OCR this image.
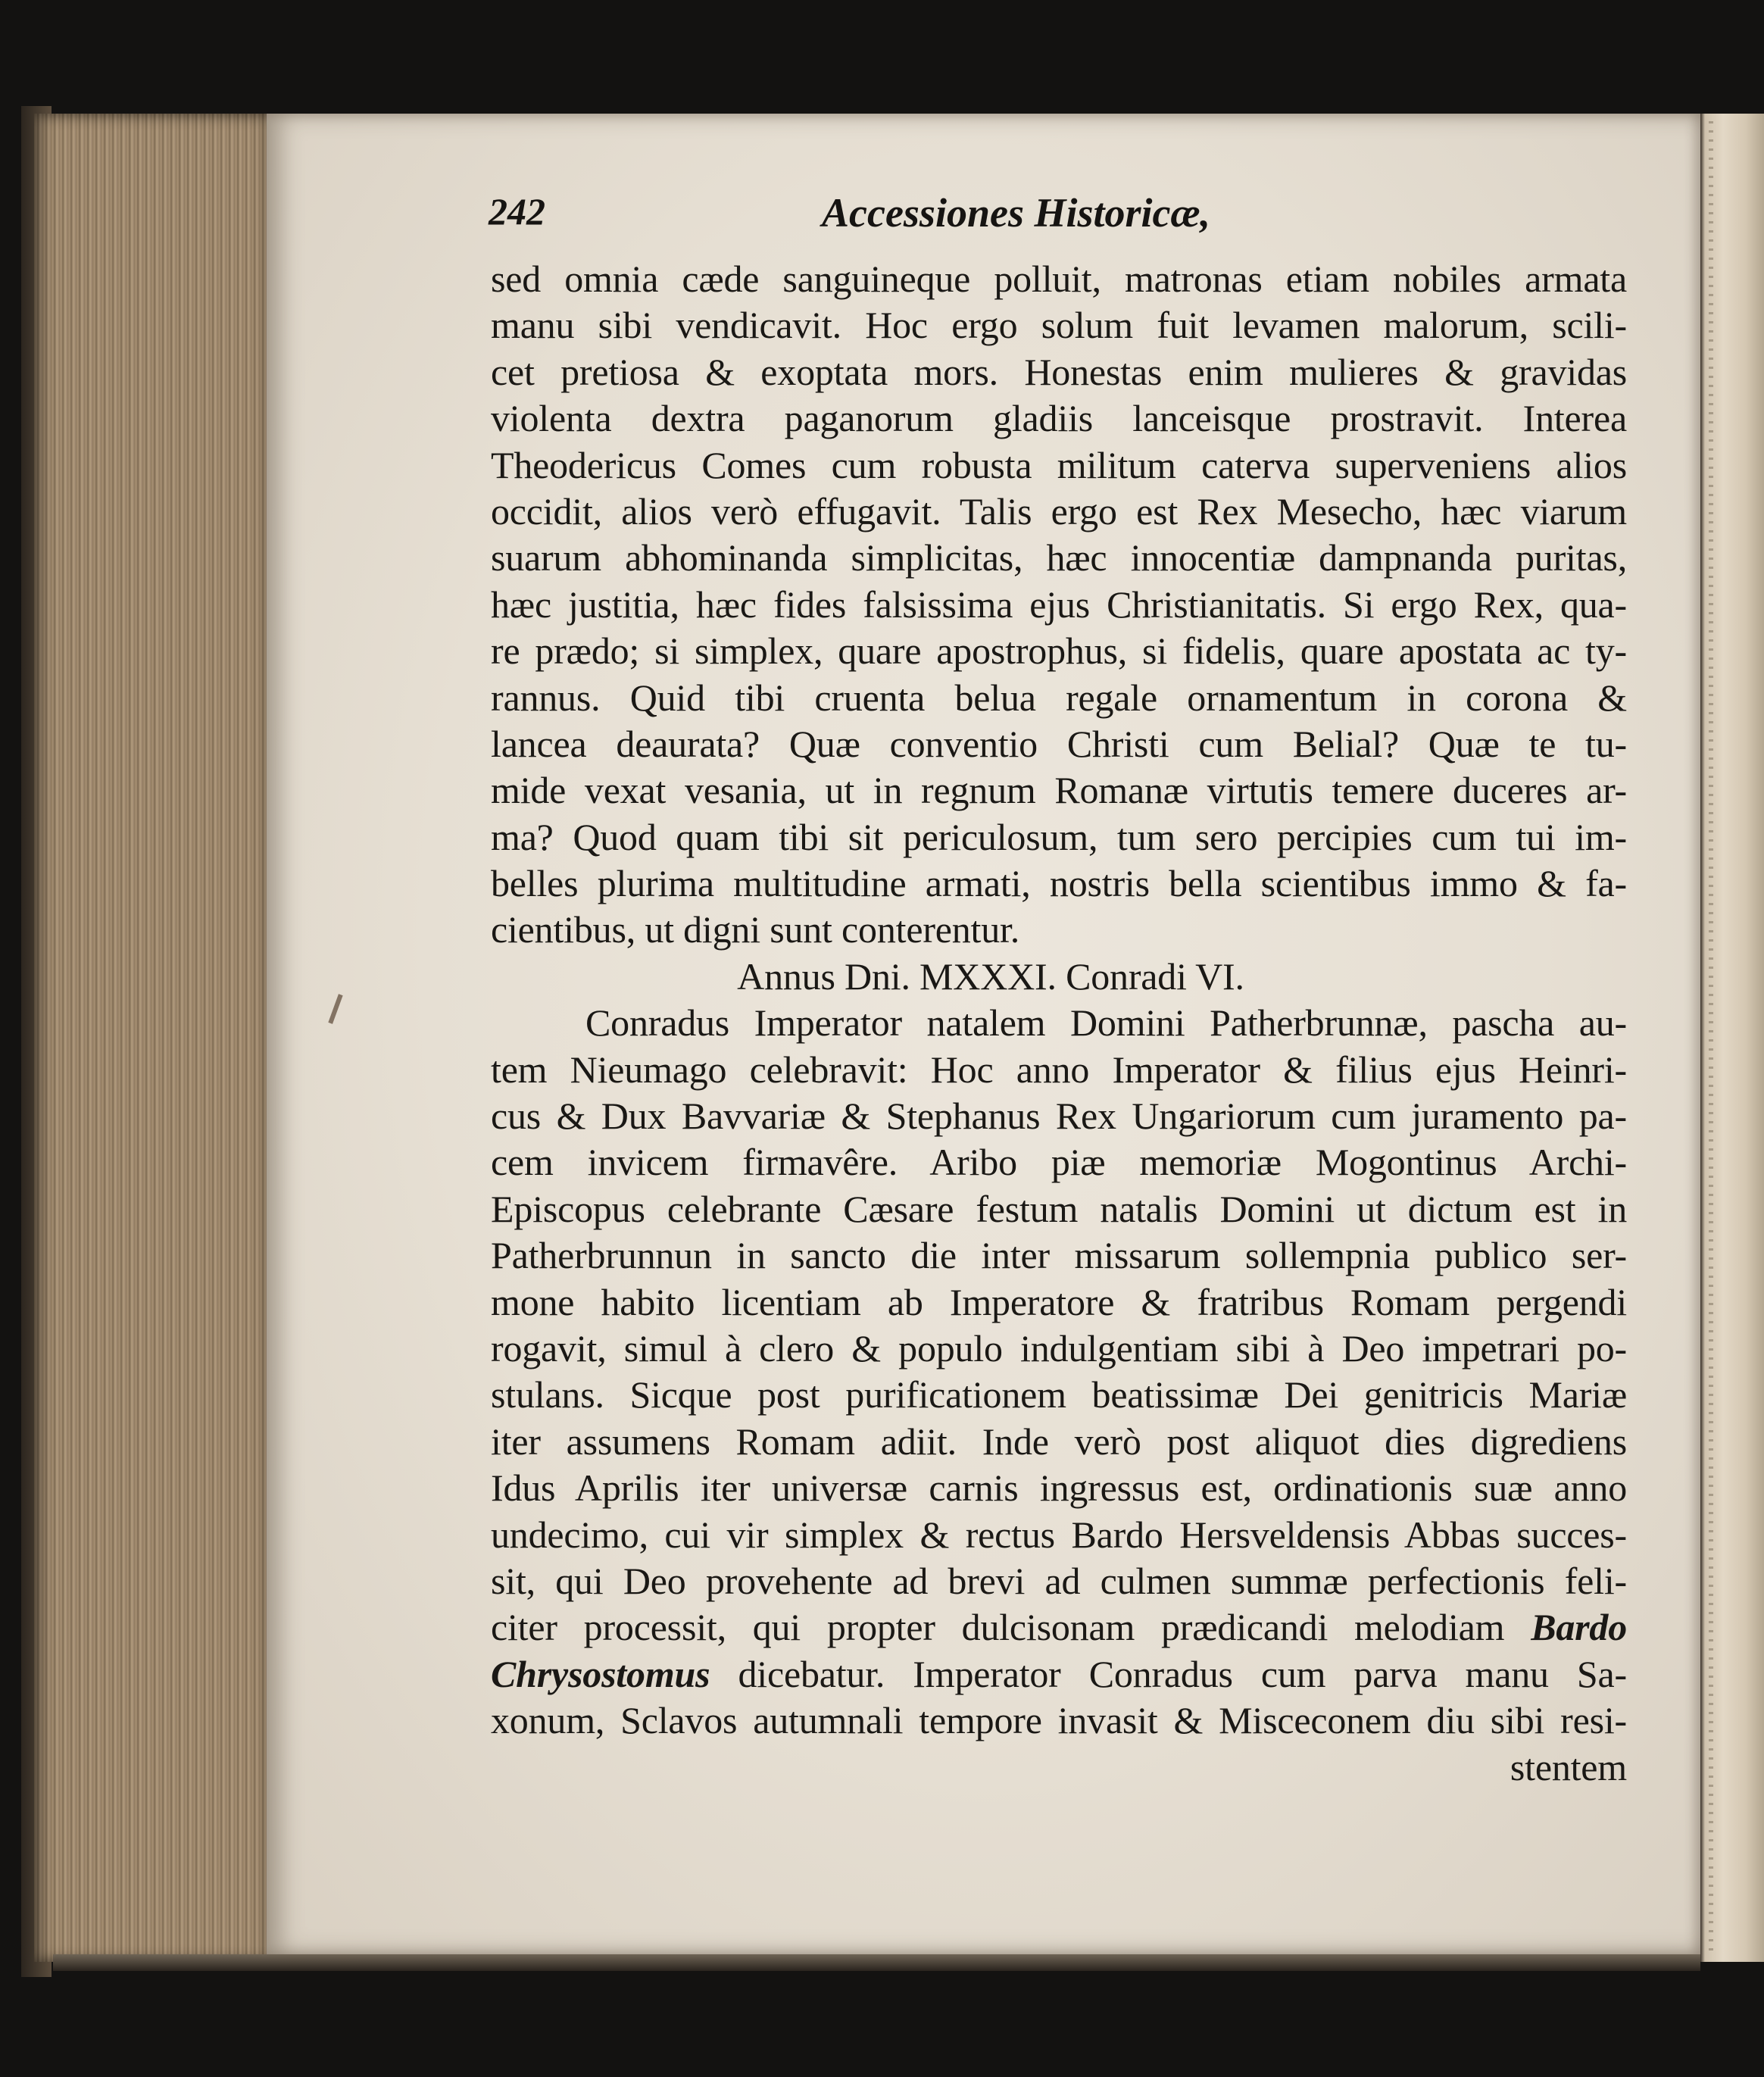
242	Accessiones Historicæ,
sed omnia cæde sanguineque polluit, matronas etiam nobiles armata
manu sibi vendicavit. Hoc ergo solum fuit levamen malorum, scili-
cet pretiosa & exoptata mors. Honestas enim mulieres & gravidas
violenta dextra paganorum gladiis lanceisque prostravit. Interea
Theodericus Comes cum robusta militum caterva superveniens alios
occidit, alios verò effugavit. Talis ergo est Rex Mesecho, hæc viarum
suarum abhominanda simplicitas, hæc innocentiæ dampnanda puritas,
hæc justitia, hæc fides falsissima ejus Christianitatis. Si ergo Rex, qua-
re prædo; si simplex, quare apostrophus, si fidelis, quare apostata ac ty-
rannus. Quid tibi cruenta belua regale ornamentum in corona &
lancea deaurata? Quæ conventio Christi cum Belial? Quæ te tu-
mide vexat vesania, ut in regnum Romanæ virtutis temere duceres ar-
ma? Quod quam tibi sit periculosum, tum sero percipies cum tui im-
belles plurima multitudine armati, nostris bella scientibus immo & fa-
cientibus, ut digni sunt conterentur.
Annus Dni. MXXXI. Conradi VI.
Conradus Imperator natalem Domini Patherbrunnæ, pascha au-
tem Nieumago celebravit: Hoc anno Imperator & filius ejus Heinri-
cus & Dux Bavvariæ & Stephanus Rex Ungariorum cum juramento pa-
cem invicem firmavêre. Aribo piæ memoriæ Mogontinus Archi-
Episcopus celebrante Cæsare festum natalis Domini ut dictum est in
Patherbrunnun in sancto die inter missarum sollempnia publico ser-
mone habito licentiam ab Imperatore & fratribus Romam pergendi
rogavit, simul à clero & populo indulgentiam sibi à Deo impetrari po-
stulans. Sicque post purificationem beatissimæ Dei genitricis Mariæ
iter assumens Romam adiit. Inde verò post aliquot dies digrediens
Idus Aprilis iter universæ carnis ingressus est, ordinationis suæ anno
undecimo, cui vir simplex & rectus Bardo Hersveldensis Abbas succes-
sit, qui Deo provehente ad brevi ad culmen summæ perfectionis feli-
citer processit, qui propter dulcisonam prædicandi melodiam Bardo
Chrysostomus dicebatur. Imperator Conradus cum parva manu Sa-
xonum, Sclavos autumnali tempore invasit & Misceconem diu sibi resi-
stentem
